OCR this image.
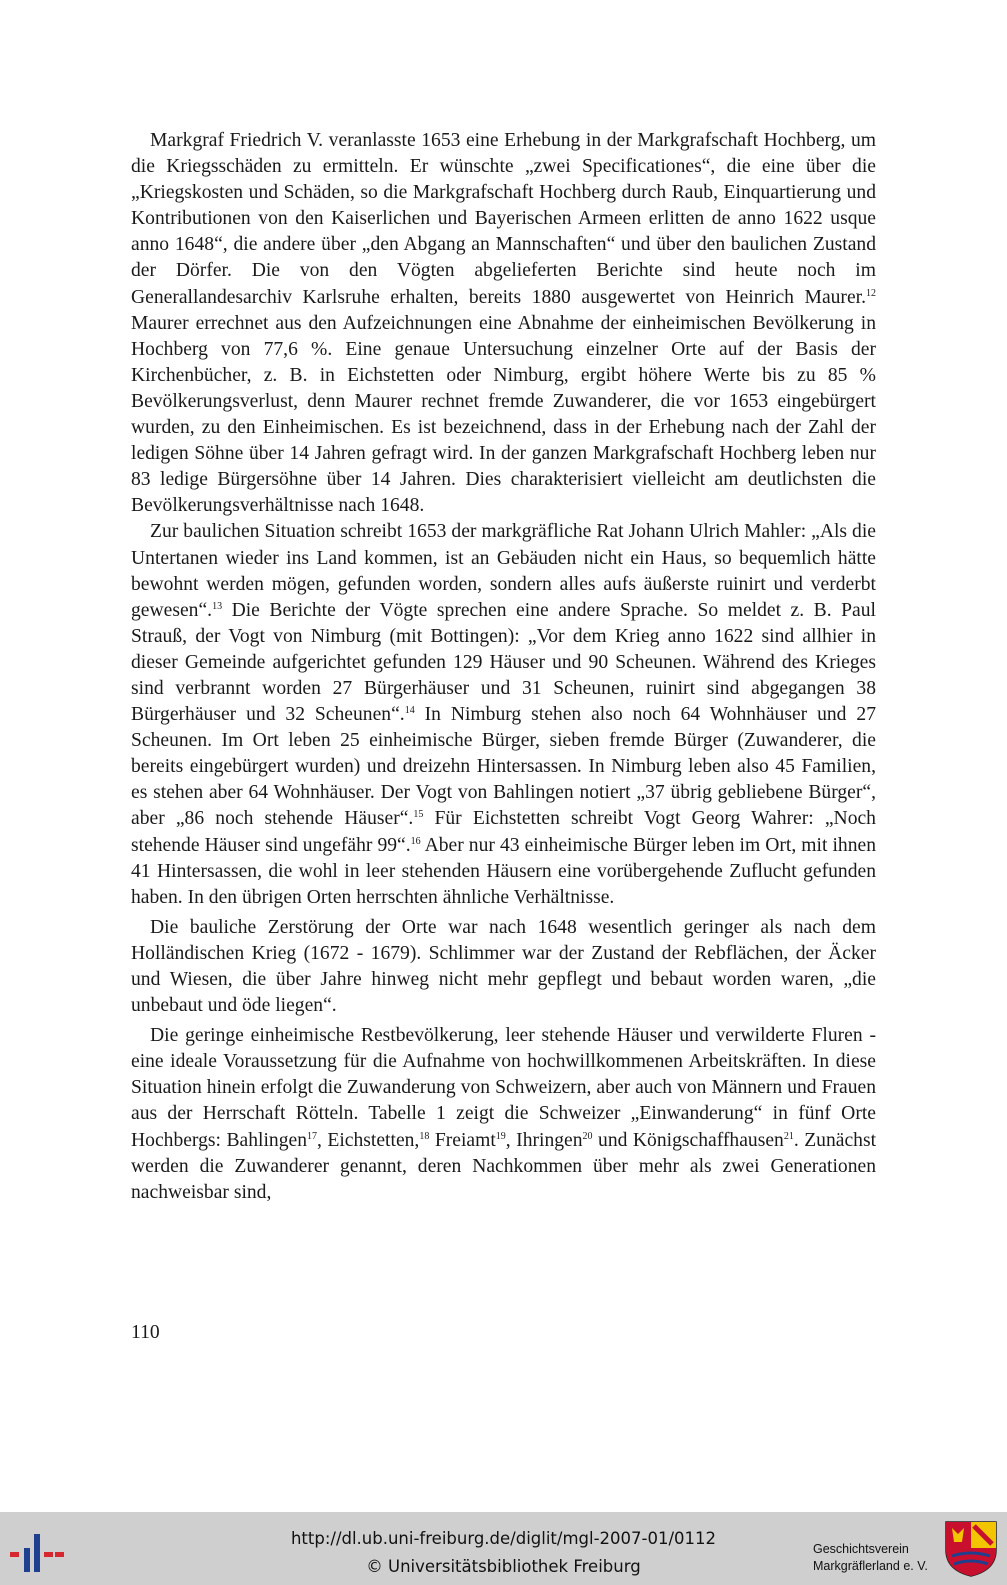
Markgraf Friedrich V. veranlasste 1653 eine Erhebung in der Markgrafschaft Hochberg, um die Kriegsschäden zu ermitteln. Er wünschte „zwei Specificationes“, die eine über die „Kriegskosten und Schäden, so die Markgrafschaft Hochberg durch Raub, Einquartierung und Kontributionen von den Kaiserlichen und Bayerischen Armeen erlitten de anno 1622 usque anno 1648“, die andere über „den Abgang an Mannschaften“ und über den baulichen Zustand der Dörfer. Die von den Vögten abgelieferten Berichte sind heute noch im Generallandesarchiv Karlsruhe erhalten, bereits 1880 ausgewertet von Heinrich Maurer.$^{12}$ Maurer errechnet aus den Aufzeichnungen eine Abnahme der einheimischen Bevölkerung in Hochberg von 77,6 %. Eine genaue Untersuchung einzelner Orte auf der Basis der Kirchenbücher, z. B. in Eichstetten oder Nimburg, ergibt höhere Werte bis zu 85 % Bevölkerungsverlust, denn Maurer rechnet fremde Zuwanderer, die vor 1653 eingebürgert wurden, zu den Einheimischen. Es ist bezeichnend, dass in der Erhebung nach der Zahl der ledigen Söhne über 14 Jahren gefragt wird. In der ganzen Markgrafschaft Hochberg leben nur 83 ledige Bürgersöhne über 14 Jahren. Dies charakterisiert vielleicht am deutlichsten die Bevölkerungsverhältnisse nach 1648.

Zur baulichen Situation schreibt 1653 der markgräfliche Rat Johann Ulrich Mahler: „Als die Untertanen wieder ins Land kommen, ist an Gebäuden nicht ein Haus, so bequemlich hätte bewohnt werden mögen, gefunden worden, sondern alles aufs äußerste ruinirt und verderbt gewesen“.$^{13}$ Die Berichte der Vögte sprechen eine andere Sprache. So meldet z. B. Paul Strauß, der Vogt von Nimburg (mit Bottingen): „Vor dem Krieg anno 1622 sind allhier in dieser Gemeinde aufgerichtet gefunden 129 Häuser und 90 Scheunen. Während des Krieges sind verbrannt worden 27 Bürgerhäuser und 31 Scheunen, ruinirt sind abgegangen 38 Bürgerhäuser und 32 Scheunen“.$^{14}$ In Nimburg stehen also noch 64 Wohnhäuser und 27 Scheunen. Im Ort leben 25 einheimische Bürger, sieben fremde Bürger (Zuwanderer, die bereits eingebürgert wurden) und dreizehn Hintersassen. In Nimburg leben also 45 Familien, es stehen aber 64 Wohnhäuser. Der Vogt von Bahlingen notiert „37 übrig gebliebene Bürger“, aber „86 noch stehende Häuser“.$^{15}$ Für Eichstetten schreibt Vogt Georg Wahrer: „Noch stehende Häuser sind ungefähr 99“.$^{16}$ Aber nur 43 einheimische Bürger leben im Ort, mit ihnen 41 Hintersassen, die wohl in leer stehenden Häusern eine vorübergehende Zuflucht gefunden haben. In den übrigen Orten herrschten ähnliche Verhältnisse.

Die bauliche Zerstörung der Orte war nach 1648 wesentlich geringer als nach dem Holländischen Krieg (1672 - 1679). Schlimmer war der Zustand der Rebflächen, der Äcker und Wiesen, die über Jahre hinweg nicht mehr gepflegt und bebaut worden waren, „die unbebaut und öde liegen“.

Die geringe einheimische Restbevölkerung, leer stehende Häuser und verwilderte Fluren - eine ideale Voraussetzung für die Aufnahme von hochwillkommenen Arbeitskräften. In diese Situation hinein erfolgt die Zuwanderung von Schweizern, aber auch von Männern und Frauen aus der Herrschaft Rötteln. Tabelle 1 zeigt die Schweizer „Einwanderung“ in fünf Orte Hochbergs: Bahlingen$^{17}$, Eichstetten,$^{18}$ Freiamt$^{19}$, Ihringen$^{20}$ und Königschaffhausen$^{21}$. Zunächst werden die Zuwanderer genannt, deren Nachkommen über mehr als zwei Generationen nachweisbar sind,

110
http://dl.ub.uni-freiburg.de/diglit/mgl-2007-01/0112
© Universitätsbibliothek Freiburg
Geschichtsverein
Markgräflerland e. V.
